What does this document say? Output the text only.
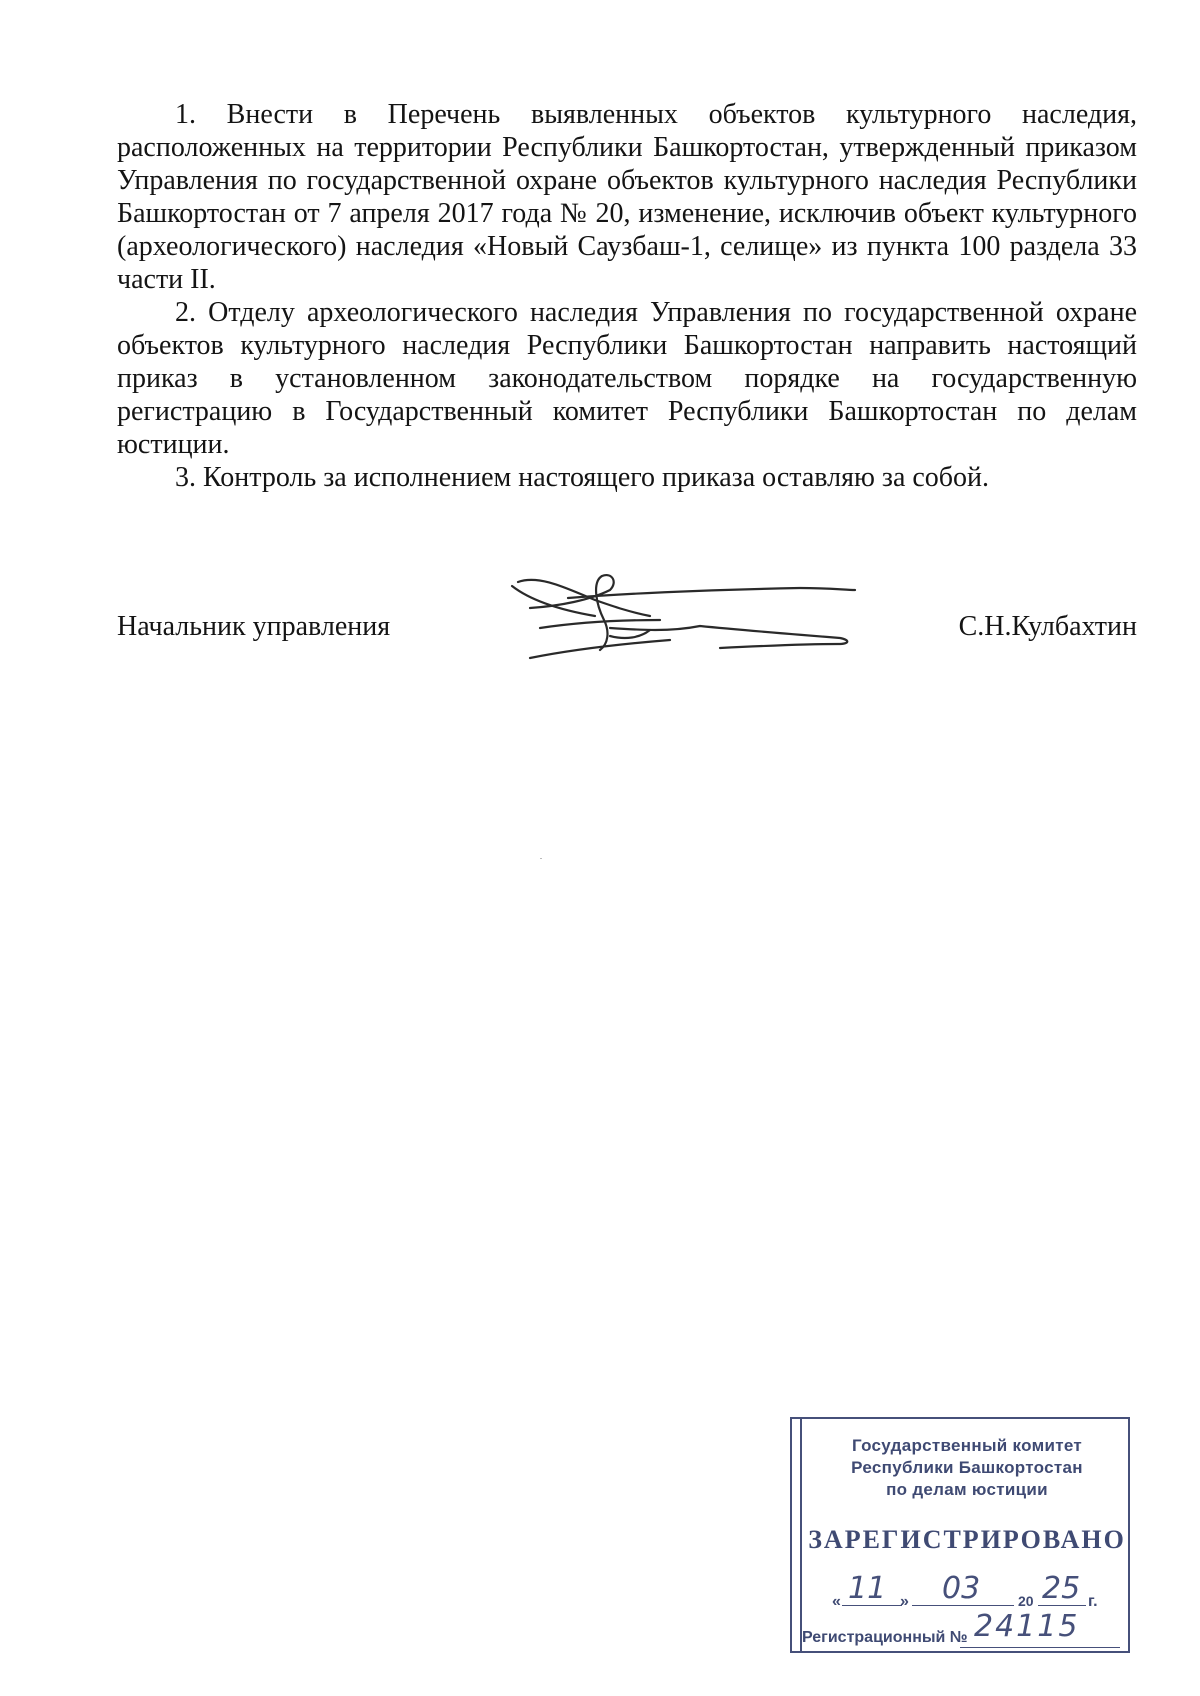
1. Внести в Перечень выявленных объектов культурного наследия, расположенных на территории Республики Башкортостан, утвержденный приказом Управления по государственной охране объектов культурного наследия Республики Башкортостан от 7 апреля 2017 года № 20, изменение, исключив объект культурного (археологического) наследия «Новый Саузбаш-1, селище» из пункта 100 раздела 33 части II.

2. Отделу археологического наследия Управления по государственной охране объектов культурного наследия Республики Башкортостан направить настоящий приказ в установленном законодательством порядке на государственную регистрацию в Государственный комитет Республики Башкортостан по делам юстиции.

3. Контроль за исполнением настоящего приказа оставляю за собой.

Начальник управления	С.Н.Кулбахтин
Государственный комитет
Республики Башкортостан
по делам юстиции
ЗАРЕГИСТРИРОВАНО
« 11 » 03	20 25 г.
Регистрационный № 24115
